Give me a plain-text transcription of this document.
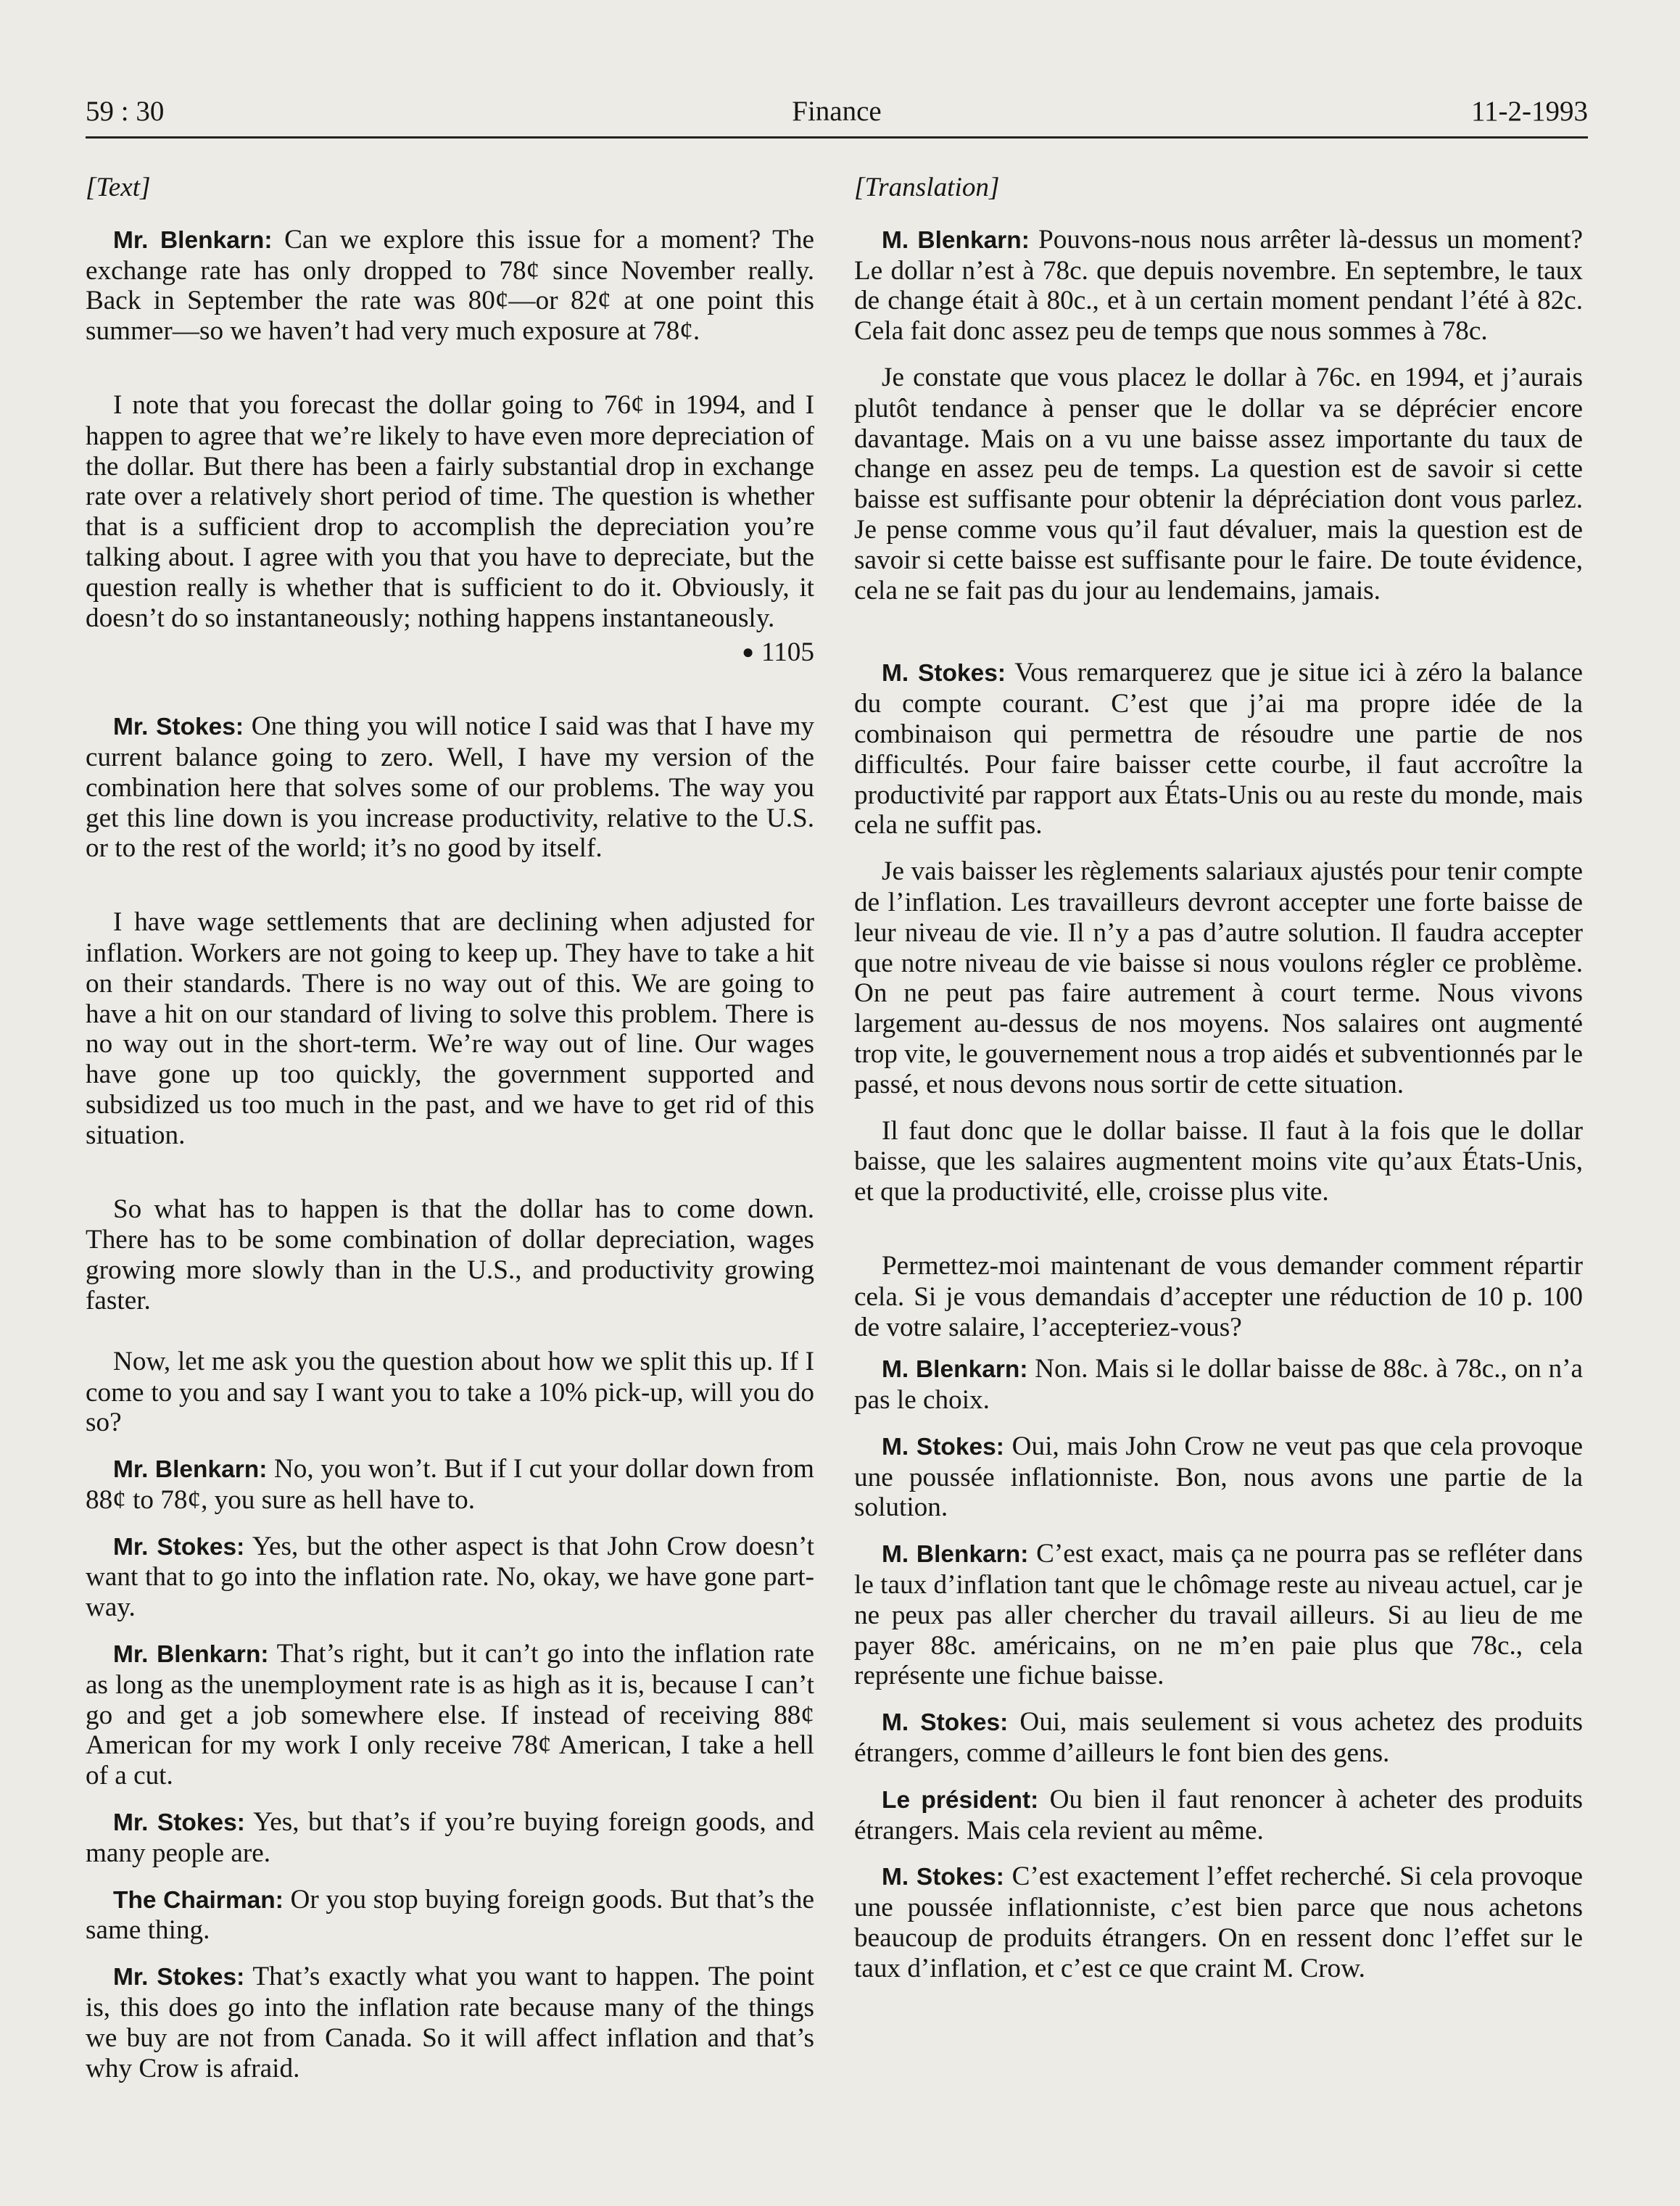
59 : 30	Finance	11-2-1993

[Text]

Mr. Blenkarn: Can we explore this issue for a moment? The exchange rate has only dropped to 78¢ since November really. Back in September the rate was 80¢—or 82¢ at one point this summer—so we haven’t had very much exposure at 78¢.

I note that you forecast the dollar going to 76¢ in 1994, and I happen to agree that we’re likely to have even more depreciation of the dollar. But there has been a fairly substantial drop in exchange rate over a relatively short period of time. The question is whether that is a sufficient drop to accomplish the depreciation you’re talking about. I agree with you that you have to depreciate, but the question really is whether that is sufficient to do it. Obviously, it doesn’t do so instantaneously; nothing happens instantaneously.

● 1105

Mr. Stokes: One thing you will notice I said was that I have my current balance going to zero. Well, I have my version of the combination here that solves some of our problems. The way you get this line down is you increase productivity, relative to the U.S. or to the rest of the world; it’s no good by itself.

I have wage settlements that are declining when adjusted for inflation. Workers are not going to keep up. They have to take a hit on their standards. There is no way out of this. We are going to have a hit on our standard of living to solve this problem. There is no way out in the short-term. We’re way out of line. Our wages have gone up too quickly, the government supported and subsidized us too much in the past, and we have to get rid of this situation.

So what has to happen is that the dollar has to come down. There has to be some combination of dollar depreciation, wages growing more slowly than in the U.S., and productivity growing faster.

Now, let me ask you the question about how we split this up. If I come to you and say I want you to take a 10% pick-up, will you do so?

Mr. Blenkarn: No, you won’t. But if I cut your dollar down from 88¢ to 78¢, you sure as hell have to.

Mr. Stokes: Yes, but the other aspect is that John Crow doesn’t want that to go into the inflation rate. No, okay, we have gone part-way.

Mr. Blenkarn: That’s right, but it can’t go into the inflation rate as long as the unemployment rate is as high as it is, because I can’t go and get a job somewhere else. If instead of receiving 88¢ American for my work I only receive 78¢ American, I take a hell of a cut.

Mr. Stokes: Yes, but that’s if you’re buying foreign goods, and many people are.

The Chairman: Or you stop buying foreign goods. But that’s the same thing.

Mr. Stokes: That’s exactly what you want to happen. The point is, this does go into the inflation rate because many of the things we buy are not from Canada. So it will affect inflation and that’s why Crow is afraid.

[Translation]

M. Blenkarn: Pouvons-nous nous arrêter là-dessus un moment? Le dollar n’est à 78c. que depuis novembre. En septembre, le taux de change était à 80c., et à un certain moment pendant l’été à 82c. Cela fait donc assez peu de temps que nous sommes à 78c.

Je constate que vous placez le dollar à 76c. en 1994, et j’aurais plutôt tendance à penser que le dollar va se déprécier encore davantage. Mais on a vu une baisse assez importante du taux de change en assez peu de temps. La question est de savoir si cette baisse est suffisante pour obtenir la dépréciation dont vous parlez. Je pense comme vous qu’il faut dévaluer, mais la question est de savoir si cette baisse est suffisante pour le faire. De toute évidence, cela ne se fait pas du jour au lendemains, jamais.

M. Stokes: Vous remarquerez que je situe ici à zéro la balance du compte courant. C’est que j’ai ma propre idée de la combinaison qui permettra de résoudre une partie de nos difficultés. Pour faire baisser cette courbe, il faut accroître la productivité par rapport aux États-Unis ou au reste du monde, mais cela ne suffit pas.

Je vais baisser les règlements salariaux ajustés pour tenir compte de l’inflation. Les travailleurs devront accepter une forte baisse de leur niveau de vie. Il n’y a pas d’autre solution. Il faudra accepter que notre niveau de vie baisse si nous voulons régler ce problème. On ne peut pas faire autrement à court terme. Nous vivons largement au-dessus de nos moyens. Nos salaires ont augmenté trop vite, le gouvernement nous a trop aidés et subventionnés par le passé, et nous devons nous sortir de cette situation.

Il faut donc que le dollar baisse. Il faut à la fois que le dollar baisse, que les salaires augmentent moins vite qu’aux États-Unis, et que la productivité, elle, croisse plus vite.

Permettez-moi maintenant de vous demander comment répartir cela. Si je vous demandais d’accepter une réduction de 10 p. 100 de votre salaire, l’accepteriez-vous?

M. Blenkarn: Non. Mais si le dollar baisse de 88c. à 78c., on n’a pas le choix.

M. Stokes: Oui, mais John Crow ne veut pas que cela provoque une poussée inflationniste. Bon, nous avons une partie de la solution.

M. Blenkarn: C’est exact, mais ça ne pourra pas se refléter dans le taux d’inflation tant que le chômage reste au niveau actuel, car je ne peux pas aller chercher du travail ailleurs. Si au lieu de me payer 88c. américains, on ne m’en paie plus que 78c., cela représente une fichue baisse.

M. Stokes: Oui, mais seulement si vous achetez des produits étrangers, comme d’ailleurs le font bien des gens.

Le président: Ou bien il faut renoncer à acheter des produits étrangers. Mais cela revient au même.

M. Stokes: C’est exactement l’effet recherché. Si cela provoque une poussée inflationniste, c’est bien parce que nous achetons beaucoup de produits étrangers. On en ressent donc l’effet sur le taux d’inflation, et c’est ce que craint M. Crow.
